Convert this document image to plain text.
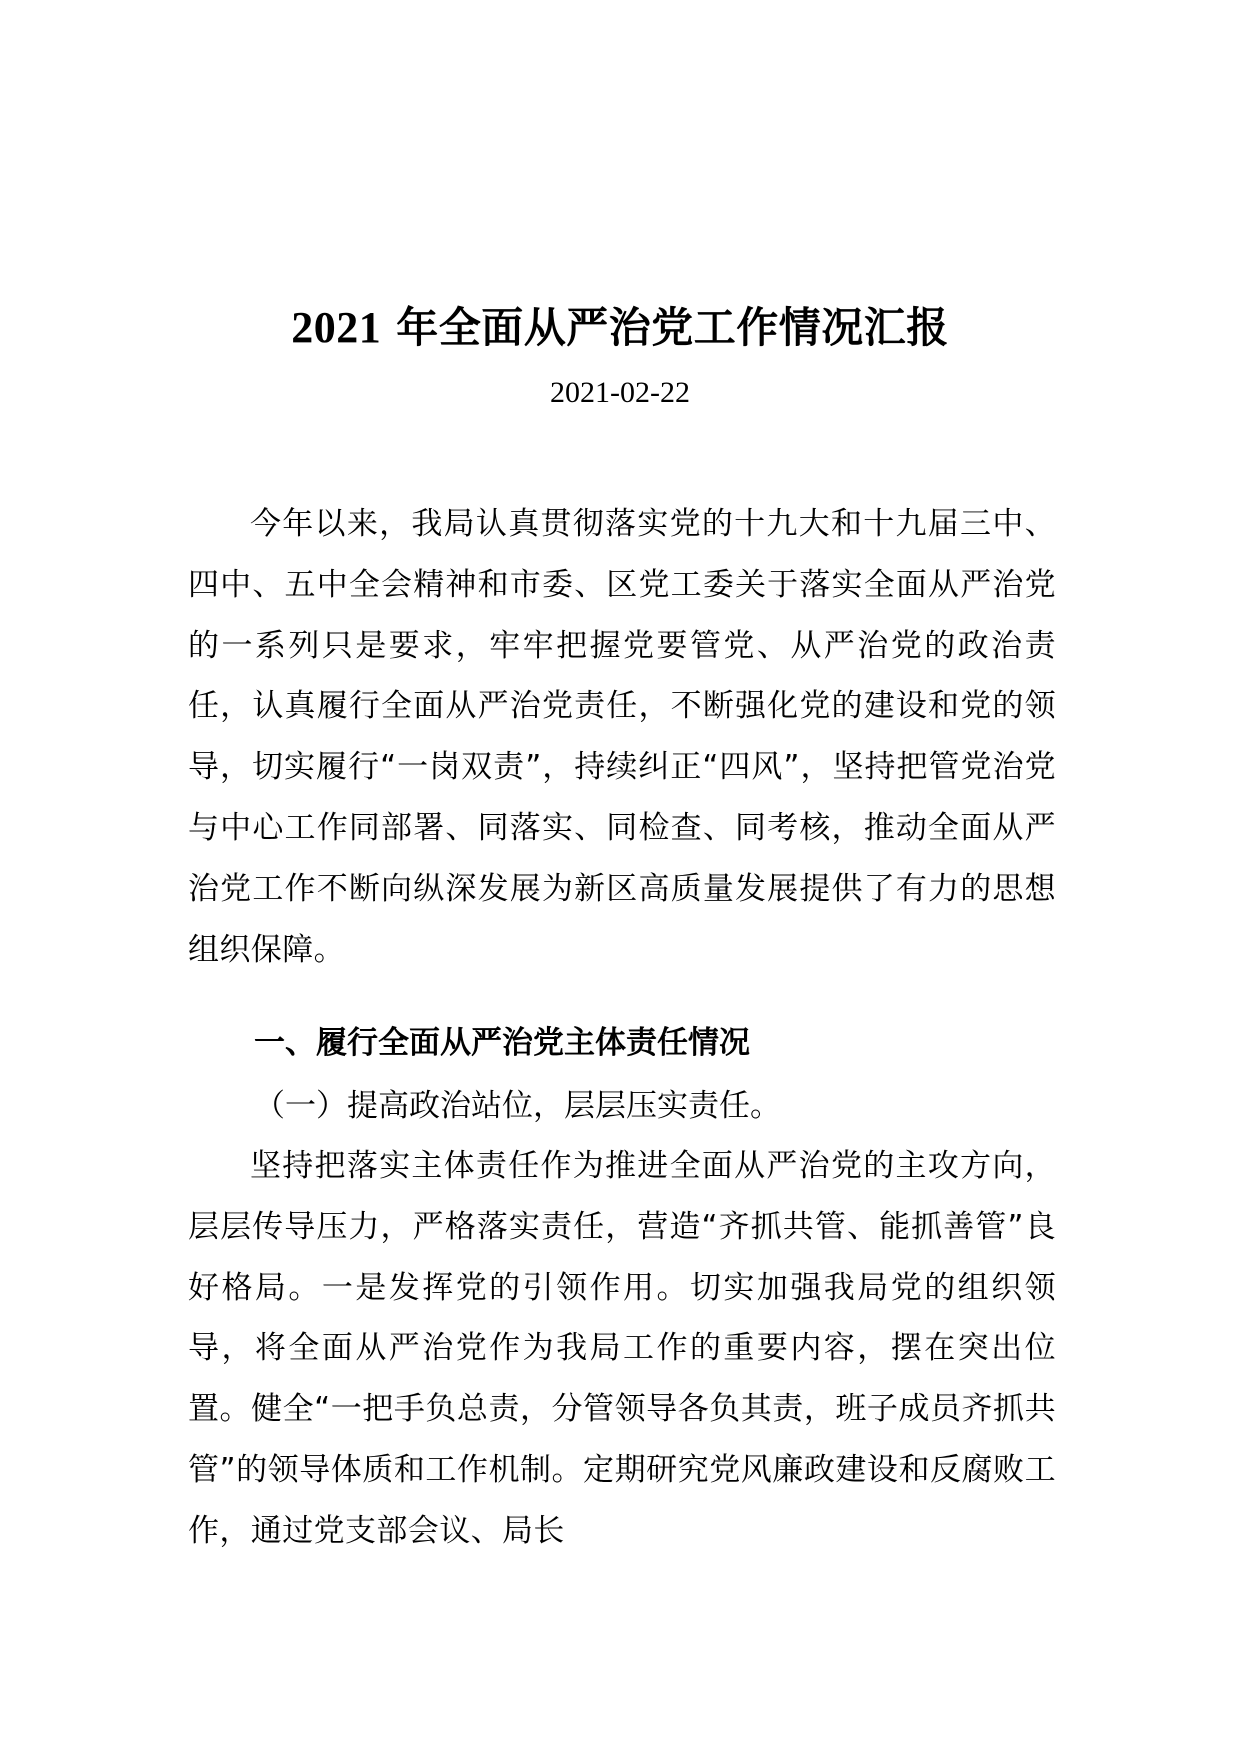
2021 年全面从严治党工作情况汇报
2021-02-22

今年以来，我局认真贯彻落实党的十九大和十九届三中、四中、五中全会精神和市委、区党工委关于落实全面从严治党的一系列只是要求，牢牢把握党要管党、从严治党的政治责任，认真履行全面从严治党责任，不断强化党的建设和党的领导，切实履行“一岗双责”，持续纠正“四风”，坚持把管党治党与中心工作同部署、同落实、同检查、同考核，推动全面从严治党工作不断向纵深发展为新区高质量发展提供了有力的思想组织保障。

一、履行全面从严治党主体责任情况
（一）提高政治站位，层层压实责任。

坚持把落实主体责任作为推进全面从严治党的主攻方向，层层传导压力，严格落实责任，营造“齐抓共管、能抓善管”良好格局。一是发挥党的引领作用。切实加强我局党的组织领导，将全面从严治党作为我局工作的重要内容，摆在突出位置。健全“一把手负总责，分管领导各负其责，班子成员齐抓共管”的领导体质和工作机制。定期研究党风廉政建设和反腐败工作，通过党支部会议、局长
